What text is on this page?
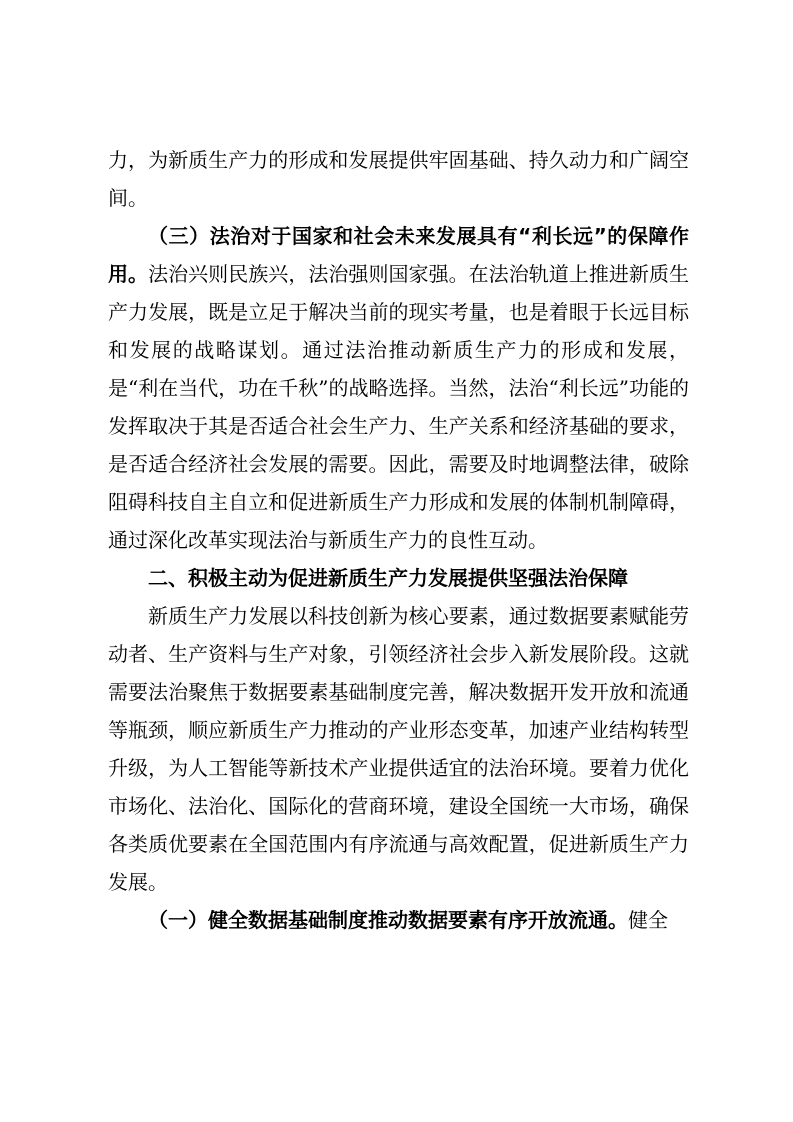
力，为新质生产力的形成和发展提供牢固基础、持久动力和广阔空间。

（三）法治对于国家和社会未来发展具有“利长远”的保障作用。法治兴则民族兴，法治强则国家强。在法治轨道上推进新质生产力发展，既是立足于解决当前的现实考量，也是着眼于长远目标和发展的战略谋划。通过法治推动新质生产力的形成和发展，是“利在当代，功在千秋”的战略选择。当然，法治“利长远”功能的发挥取决于其是否适合社会生产力、生产关系和经济基础的要求，是否适合经济社会发展的需要。因此，需要及时地调整法律，破除阻碍科技自主自立和促进新质生产力形成和发展的体制机制障碍，通过深化改革实现法治与新质生产力的良性互动。

二、积极主动为促进新质生产力发展提供坚强法治保障

新质生产力发展以科技创新为核心要素，通过数据要素赋能劳动者、生产资料与生产对象，引领经济社会步入新发展阶段。这就需要法治聚焦于数据要素基础制度完善，解决数据开发开放和流通等瓶颈，顺应新质生产力推动的产业形态变革，加速产业结构转型升级，为人工智能等新技术产业提供适宜的法治环境。要着力优化市场化、法治化、国际化的营商环境，建设全国统一大市场，确保各类质优要素在全国范围内有序流通与高效配置，促进新质生产力发展。

（一）健全数据基础制度推动数据要素有序开放流通。健全
